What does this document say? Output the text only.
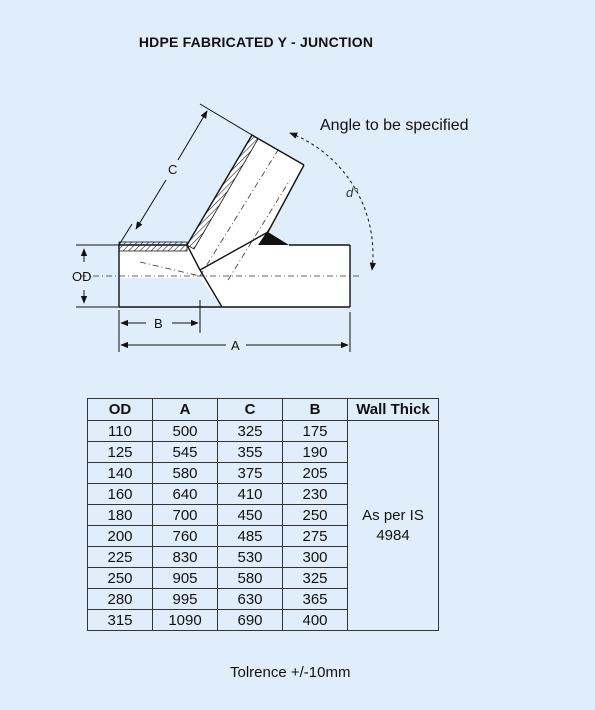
HDPE FABRICATED Y - JUNCTION
OD
B
A
C
d°
Angle to be specified
OD	A	C	B	Wall Thick
110	500	325	175	As per IS
4984

125	545	355	190	
140	580	375	205	
160	640	410	230	
180	700	450	250	
200	760	485	275	
225	830	530	300	
250	905	580	325	
280	995	630	365	
315	1090	690	400	
Tolrence +/-10mm
